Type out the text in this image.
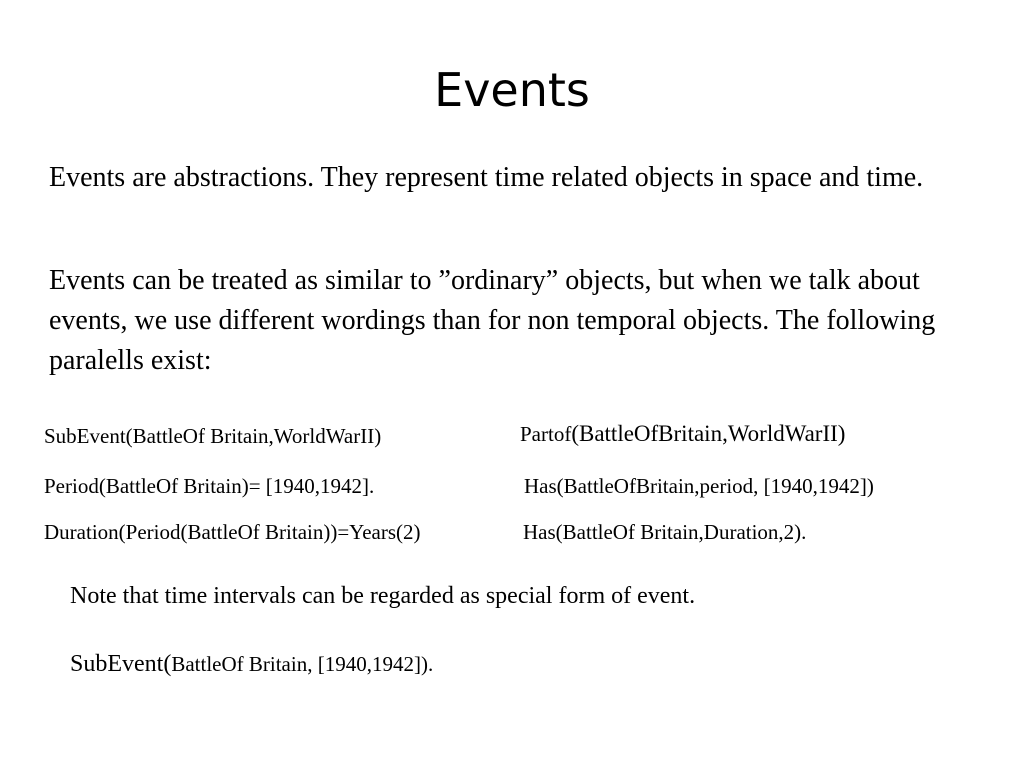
Events

Events are abstractions. They represent time related objects in space and time.

Events can be treated as similar to ”ordinary” objects, but when we talk about events, we use different wordings than for non temporal objects. The following paralells exist:

SubEvent(BattleOf Britain,WorldWarII)	Partof(BattleOfBritain,WorldWarII)
Period(BattleOf Britain)= [1940,1942].	Has(BattleOfBritain,period, [1940,1942])
Duration(Period(BattleOf Britain))=Years(2)	Has(BattleOf Britain,Duration,2).
Note that time intervals can be regarded as special form of event.
SubEvent(BattleOf Britain, [1940,1942]).
